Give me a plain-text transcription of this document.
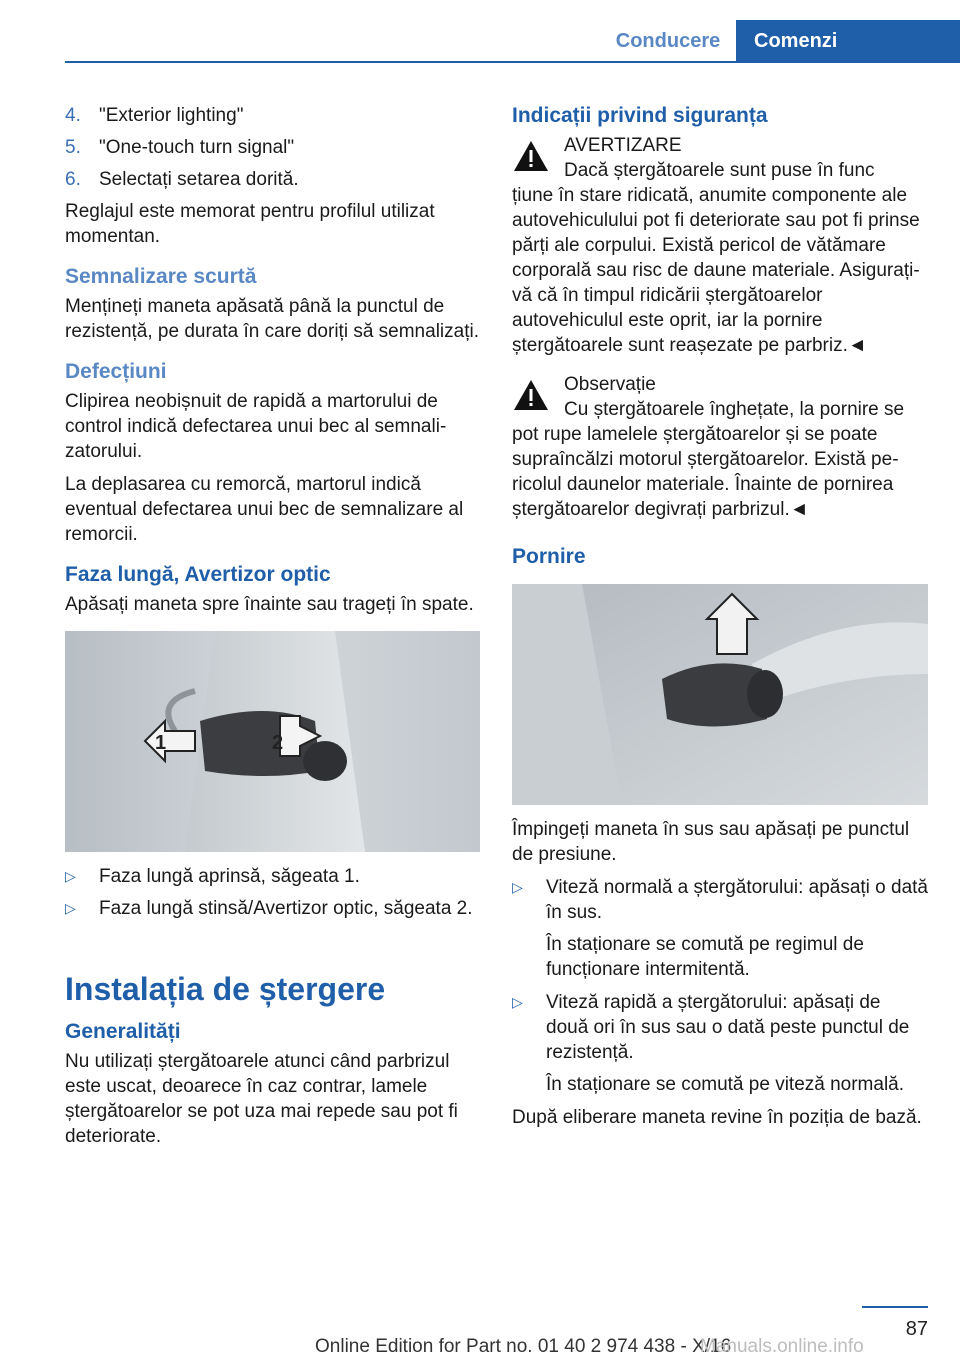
Conducere	Comenzi
4. "Exterior lighting"
5. "One-touch turn signal"
6. Selectați setarea dorită.

Reglajul este memorat pentru profilul utilizat momentan.

Semnalizare scurtă

Mențineți maneta apăsată până la punctul de rezistență, pe durata în care doriți să semnalizați.

Defecțiuni

Clipirea neobișnuit de rapidă a martorului de control indică defectarea unui bec al semnalizatorului.

La deplasarea cu remorcă, martorul indică eventual defectarea unui bec de semnalizare al remorcii.

Faza lungă, Avertizor optic

Apăsați maneta spre înainte sau trageți în spate.

1	2
▷	Faza lungă aprinsă, săgeata 1.
▷	Faza lungă stinsă/Avertizor optic, săgeata 2.
Instalația de ștergere
Generalități

Nu utilizați ștergătoarele atunci când parbrizul este uscat, deoarece în caz contrar, lamele ștergătoarelor se pot uza mai repede sau pot fi deteriorate.

Indicații privind siguranța
AVERTIZARE
Dacă ștergătoarele sunt puse în func

țiune în stare ridicată, anumite componente ale autovehiculului pot fi deteriorate sau pot fi prinse părți ale corpului. Există pericol de vătămare corporală sau risc de daune materiale. Asigurați-vă că în timpul ridicării ștergătoarelor autovehiculul este oprit, iar la pornire ștergătoarele sunt reașezate pe parbriz.◄

Observație
Cu ștergătoarele înghețate, la pornire se

pot rupe lamelele ștergătoarelor și se poate supraîncălzi motorul ștergătoarelor. Există pericolul daunelor materiale. Înainte de pornirea ștergătoarelor degivrați parbrizul.◄

Pornire

Împingeți maneta în sus sau apăsați pe punctul de presiune.

▷	Viteză normală a ștergătorului: apăsați o dată în sus.

În staționare se comută pe regimul de funcționare intermitentă.

▷	Viteză rapidă a ștergătorului: apăsați de două ori în sus sau o dată peste punctul de rezistență.

În staționare se comută pe viteză normală.

După eliberare maneta revine în poziția de bază.

87
Online Edition for Part no. 01 40 2 974 438 - X/16
Manuals.online.info
